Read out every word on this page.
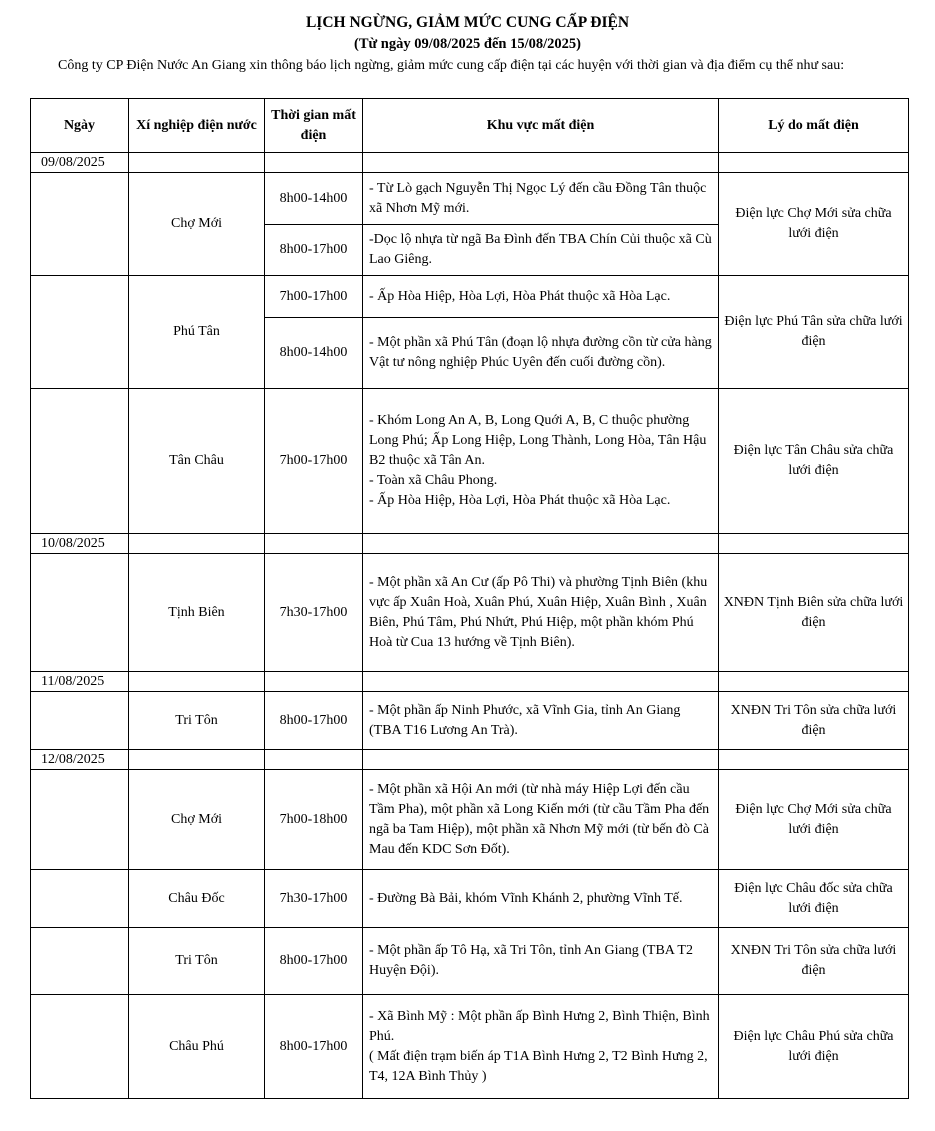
LỊCH NGỪNG, GIẢM MỨC CUNG CẤP ĐIỆN
(Từ ngày 09/08/2025 đến 15/08/2025)
Công ty CP Điện Nước An Giang xin thông báo lịch ngừng, giảm mức cung cấp điện tại các huyện với thời gian và địa điểm cụ thể như sau:
Ngày	Xí nghiệp điện nước	Thời gian mất điện	Khu vực mất điện	Lý do mất điện
09/08/2025				
	Chợ Mới	8h00-14h00	- Từ Lò gạch Nguyễn Thị Ngọc Lý đến cầu Đồng Tân thuộc xã Nhơn Mỹ mới.	Điện lực Chợ Mới sửa chữa lưới điện
		8h00-17h00	-Dọc lộ nhựa từ ngã Ba Đình đến TBA Chín Củi thuộc xã Cù Lao Giêng.	

	Phú Tân	7h00-17h00	- Ấp Hòa Hiệp, Hòa Lợi, Hòa Phát thuộc xã Hòa Lạc.	Điện lực Phú Tân sửa chữa lưới điện
		8h00-14h00	- Một phần xã Phú Tân (đoạn lộ nhựa đường cồn từ cửa hàng Vật tư nông nghiệp Phúc Uyên đến cuối đường cồn).	

	Tân Châu	7h00-17h00	- Khóm Long An A, B, Long Quới A, B, C thuộc phường Long Phú; Ấp Long Hiệp, Long Thành, Long Hòa, Tân Hậu B2 thuộc xã Tân An.
- Toàn xã Châu Phong.
- Ấp Hòa Hiệp, Hòa Lợi, Hòa Phát thuộc xã Hòa Lạc.	Điện lực Tân Châu sửa chữa lưới điện
10/08/2025				
	Tịnh Biên	7h30-17h00	- Một phần xã An Cư (ấp Pô Thi) và phường Tịnh Biên (khu vực ấp Xuân Hoà, Xuân Phú, Xuân Hiệp, Xuân Bình , Xuân Biên, Phú Tâm, Phú Nhứt, Phú Hiệp, một phần khóm Phú Hoà từ Cua 13 hướng về Tịnh Biên).	XNĐN Tịnh Biên sửa chữa lưới điện
11/08/2025				
	Tri Tôn	8h00-17h00	- Một phần ấp Ninh Phước, xã Vĩnh Gia, tỉnh An Giang (TBA T16 Lương An Trà).	XNĐN Tri Tôn sửa chữa lưới điện
12/08/2025				
	Chợ Mới	7h00-18h00	- Một phần xã Hội An mới (từ nhà máy Hiệp Lợi đến cầu Tầm Pha), một phần xã Long Kiến mới (từ cầu Tầm Pha đến ngã ba Tam Hiệp), một phần xã Nhơn Mỹ mới (từ bến đò Cà Mau đến KDC Sơn Đốt).	Điện lực Chợ Mới sửa chữa lưới điện
	Châu Đốc	7h30-17h00	- Đường Bà Bải, khóm Vĩnh Khánh 2, phường Vĩnh Tế.	Điện lực Châu đốc sửa chữa lưới điện
	Tri Tôn	8h00-17h00	- Một phần ấp Tô Hạ, xã Tri Tôn, tỉnh An Giang (TBA T2 Huyện Đội).	XNĐN Tri Tôn sửa chữa lưới điện
	Châu Phú	8h00-17h00	- Xã Bình Mỹ : Một phần ấp Bình Hưng 2, Bình Thiện, Bình Phú.
( Mất điện trạm biến áp T1A Bình Hưng 2, T2 Bình Hưng 2, T4, 12A Bình Thủy )	Điện lực Châu Phú sửa chữa lưới điện
